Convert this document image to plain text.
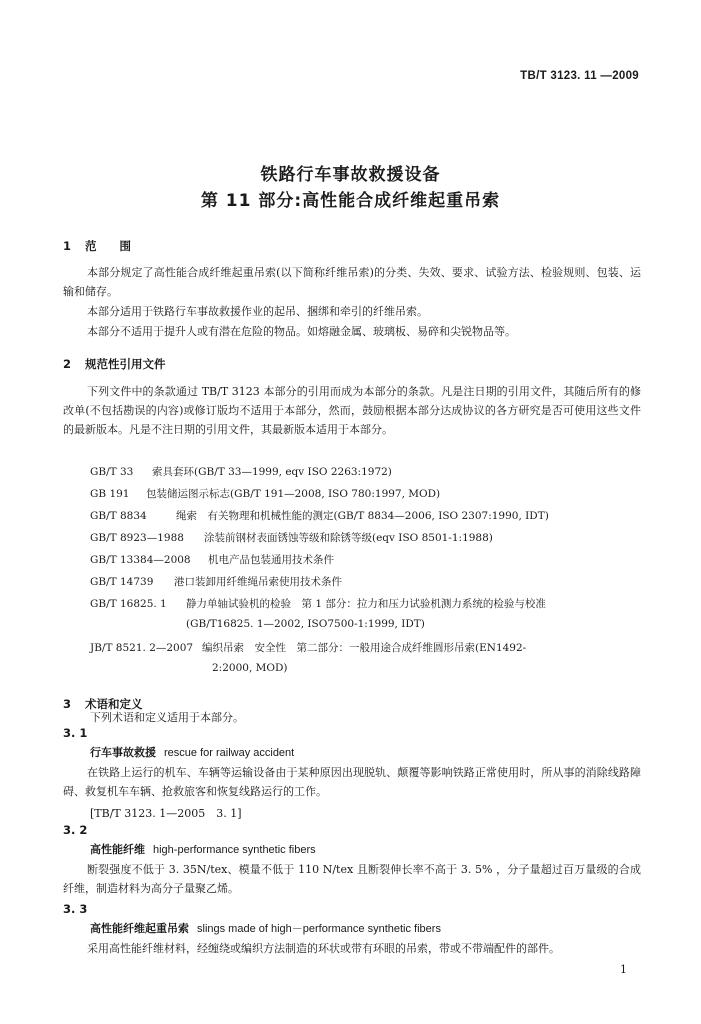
TB/T 3123. 11 —2009
铁路行车事故救援设备
第 11 部分:高性能合成纤维起重吊索
1 范　　围
本部分规定了高性能合成纤维起重吊索(以下简称纤维吊索)的分类、失效、要求、试验方法、检验规则、包装、运输和储存。
本部分适用于铁路行车事故救援作业的起吊、捆绑和牵引的纤维吊索。
本部分不适用于提升人或有潜在危险的物品。如熔融金属、玻璃板、易碎和尖锐物品等。
2 规范性引用文件
下列文件中的条款通过 TB/T 3123 本部分的引用而成为本部分的条款。凡是注日期的引用文件，其随后所有的修改单(不包括勘误的内容)或修订版均不适用于本部分，然而，鼓励根据本部分达成协议的各方研究是否可使用这些文件的最新版本。凡是不注日期的引用文件，其最新版本适用于本部分。
GB/T 33 索具套环(GB/T 33—1999, eqv ISO 2263:1972)
GB 191 包装储运图示标志(GB/T 191—2008, ISO 780:1997, MOD)
GB/T 8834	绳索　有关物理和机械性能的测定(GB/T 8834—2006, ISO 2307:1990, IDT)
GB/T 8923—1988 涂装前钢材表面锈蚀等级和除锈等级(eqv ISO 8501-1:1988)
GB/T 13384—2008 机电产品包装通用技术条件
GB/T 14739 港口装卸用纤维绳吊索使用技术条件
GB/T 16825. 1 静力单轴试验机的检验　第 1 部分：拉力和压力试验机测力系统的检验与校准
(GB/T16825. 1—2002, ISO7500-1:1999, IDT)
JB/T 8521. 2—2007 编织吊索　安全性　第二部分：一般用途合成纤维圆形吊索(EN1492-
2:2000, MOD)
3 术语和定义
下列术语和定义适用于本部分。
3. 1
行车事故救援 rescue for railway accident
在铁路上运行的机车、车辆等运输设备由于某种原因出现脱轨、颠覆等影响铁路正常使用时，所从事的消除线路障碍、救复机车车辆、抢救旅客和恢复线路运行的工作。
[TB/T 3123. 1—2005　3. 1]
3. 2
高性能纤维 high-performance synthetic fibers
断裂强度不低于 3. 35N/tex、模量不低于 110 N/tex 且断裂伸长率不高于 3. 5% ，分子量超过百万量级的合成纤维，制造材料为高分子量聚乙烯。
3. 3
高性能纤维起重吊索 slings made of high－performance synthetic fibers
采用高性能纤维材料，经缠绕或编织方法制造的环状或带有环眼的吊索，带或不带端配件的部件。
1
